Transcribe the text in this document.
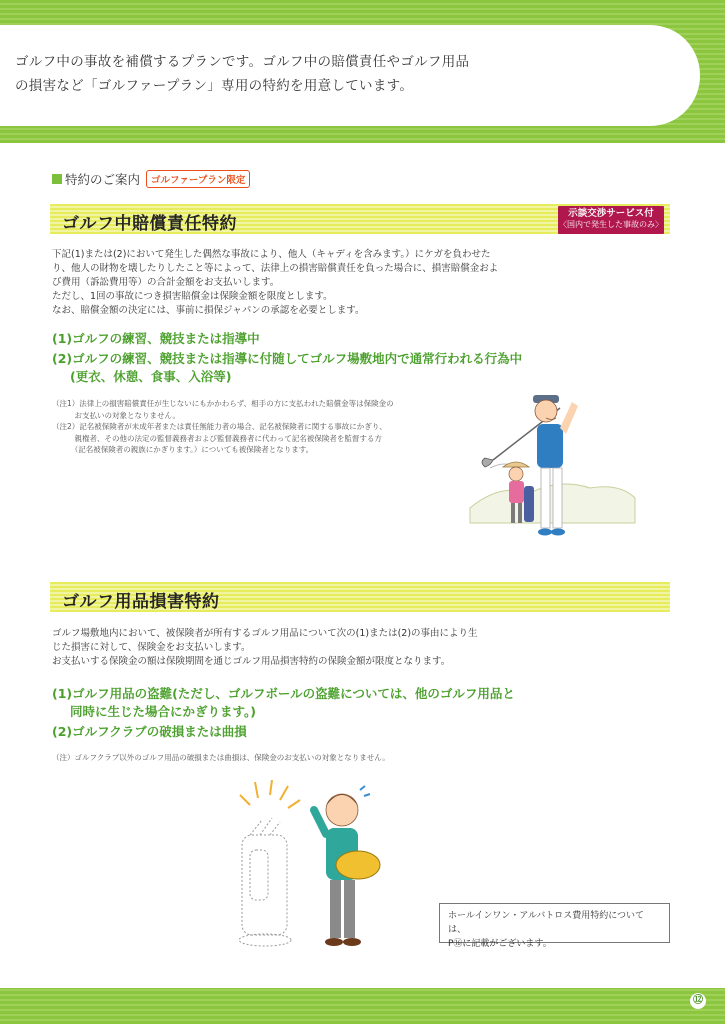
ゴルフ中の事故を補償するプランです。ゴルフ中の賠償責任やゴルフ用品
の損害など「ゴルファープラン」専用の特約を用意しています。
特約のご案内	ゴルファープラン限定
ゴルフ中賠償責任特約
示談交渉サービス付
〈国内で発生した事故のみ〉
下記(1)または(2)において発生した偶然な事故により、他人（キャディを含みます。）にケガを負わせた
り、他人の財物を壊したりしたこと等によって、法律上の損害賠償責任を負った場合に、損害賠償金およ
び費用（訴訟費用等）の合計金額をお支払いします。
ただし、1回の事故につき損害賠償金は保険金額を限度とします。
なお、賠償金額の決定には、事前に損保ジャパンの承認を必要とします。
(1)ゴルフの練習、競技または指導中
(2)ゴルフの練習、競技または指導に付随してゴルフ場敷地内で通常行われる行為中
(更衣、休憩、食事、入浴等)
（注1）法律上の損害賠償責任が生じないにもかかわらず、相手の方に支払われた賠償金等は保険金の
　　　お支払いの対象となりません。
（注2）記名被保険者が未成年者または責任無能力者の場合、記名被保険者に関する事故にかぎり、
　　　親権者、その他の法定の監督義務者および監督義務者に代わって記名被保険者を監督する方
　　　（記名被保険者の親族にかぎります。）についても被保険者となります。
ゴルフ用品損害特約
ゴルフ場敷地内において、被保険者が所有するゴルフ用品について次の(1)または(2)の事由により生
じた損害に対して、保険金をお支払いします。
お支払いする保険金の額は保険期間を通じゴルフ用品損害特約の保険金額が限度となります。
(1)ゴルフ用品の盗難(ただし、ゴルフボールの盗難については、他のゴルフ用品と
同時に生じた場合にかぎります。)
(2)ゴルフクラブの破損または曲損
（注）ゴルフクラブ以外のゴルフ用品の破損または曲損は、保険金のお支払いの対象となりません。
ホールインワン・アルバトロス費用特約については、
P⑯に記載がございます。
⑫
